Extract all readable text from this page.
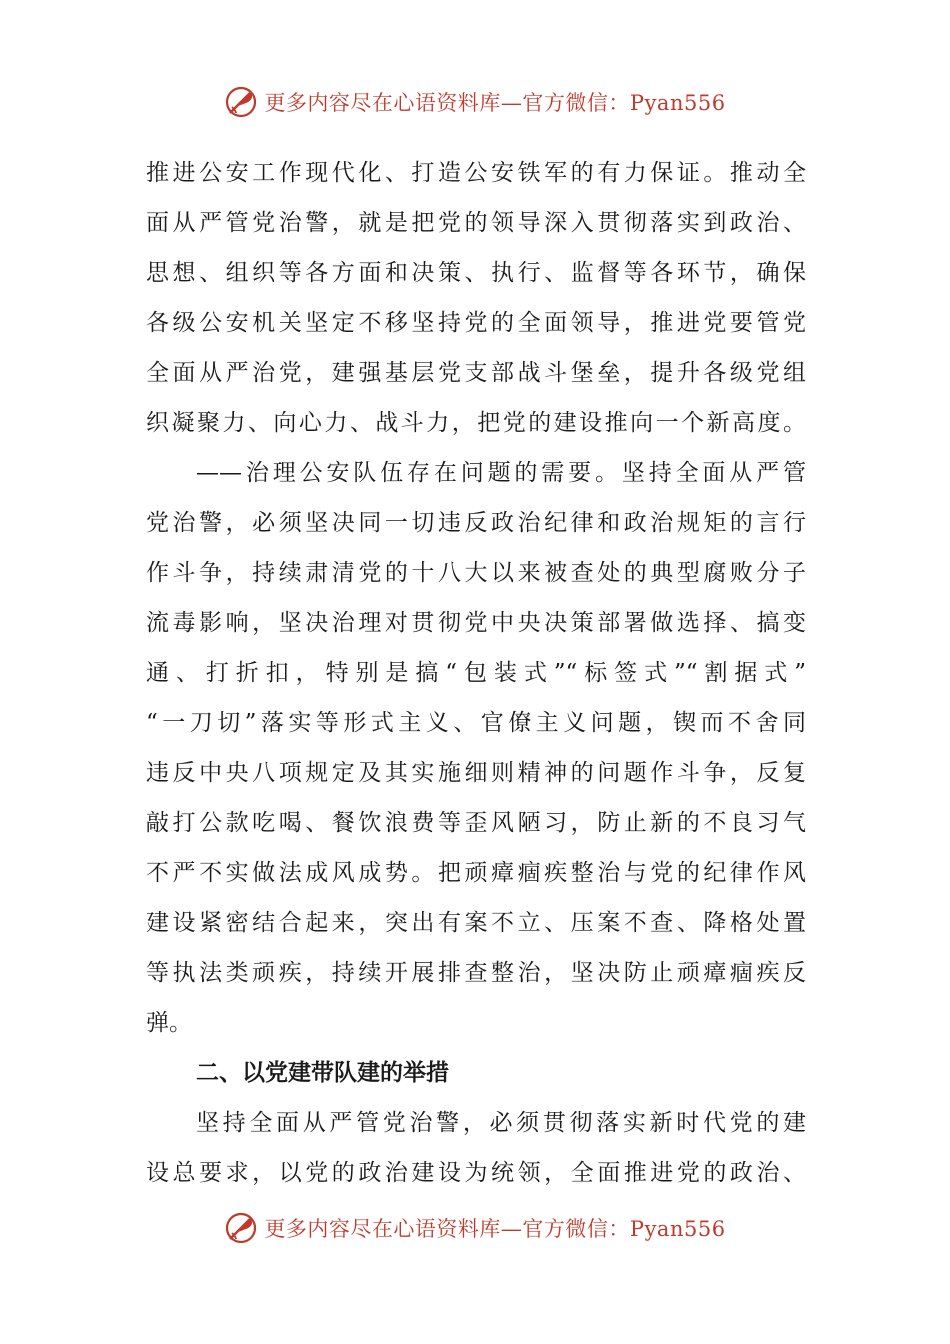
更多内容尽在心语资料库—官方微信：Pyan556
推进公安工作现代化、打造公安铁军的有力保证。推动全
面从严管党治警，就是把党的领导深入贯彻落实到政治、
思想、组织等各方面和决策、执行、监督等各环节，确保
各级公安机关坚定不移坚持党的全面领导，推进党要管党
全面从严治党，建强基层党支部战斗堡垒，提升各级党组
织凝聚力、向心力、战斗力，把党的建设推向一个新高度。
——治理公安队伍存在问题的需要。坚持全面从严管
党治警，必须坚决同一切违反政治纪律和政治规矩的言行
作斗争，持续肃清党的十八大以来被查处的典型腐败分子
流毒影响，坚决治理对贯彻党中央决策部署做选择、搞变
通、打折扣，特别是搞“包装式”“标签式”“割据式”
“一刀切”落实等形式主义、官僚主义问题，锲而不舍同
违反中央八项规定及其实施细则精神的问题作斗争，反复
敲打公款吃喝、餐饮浪费等歪风陋习，防止新的不良习气
不严不实做法成风成势。把顽瘴痼疾整治与党的纪律作风
建设紧密结合起来，突出有案不立、压案不查、降格处置
等执法类顽疾，持续开展排查整治，坚决防止顽瘴痼疾反
弹。
二、以党建带队建的举措
坚持全面从严管党治警，必须贯彻落实新时代党的建
设总要求，以党的政治建设为统领，全面推进党的政治、
更多内容尽在心语资料库—官方微信：Pyan556
